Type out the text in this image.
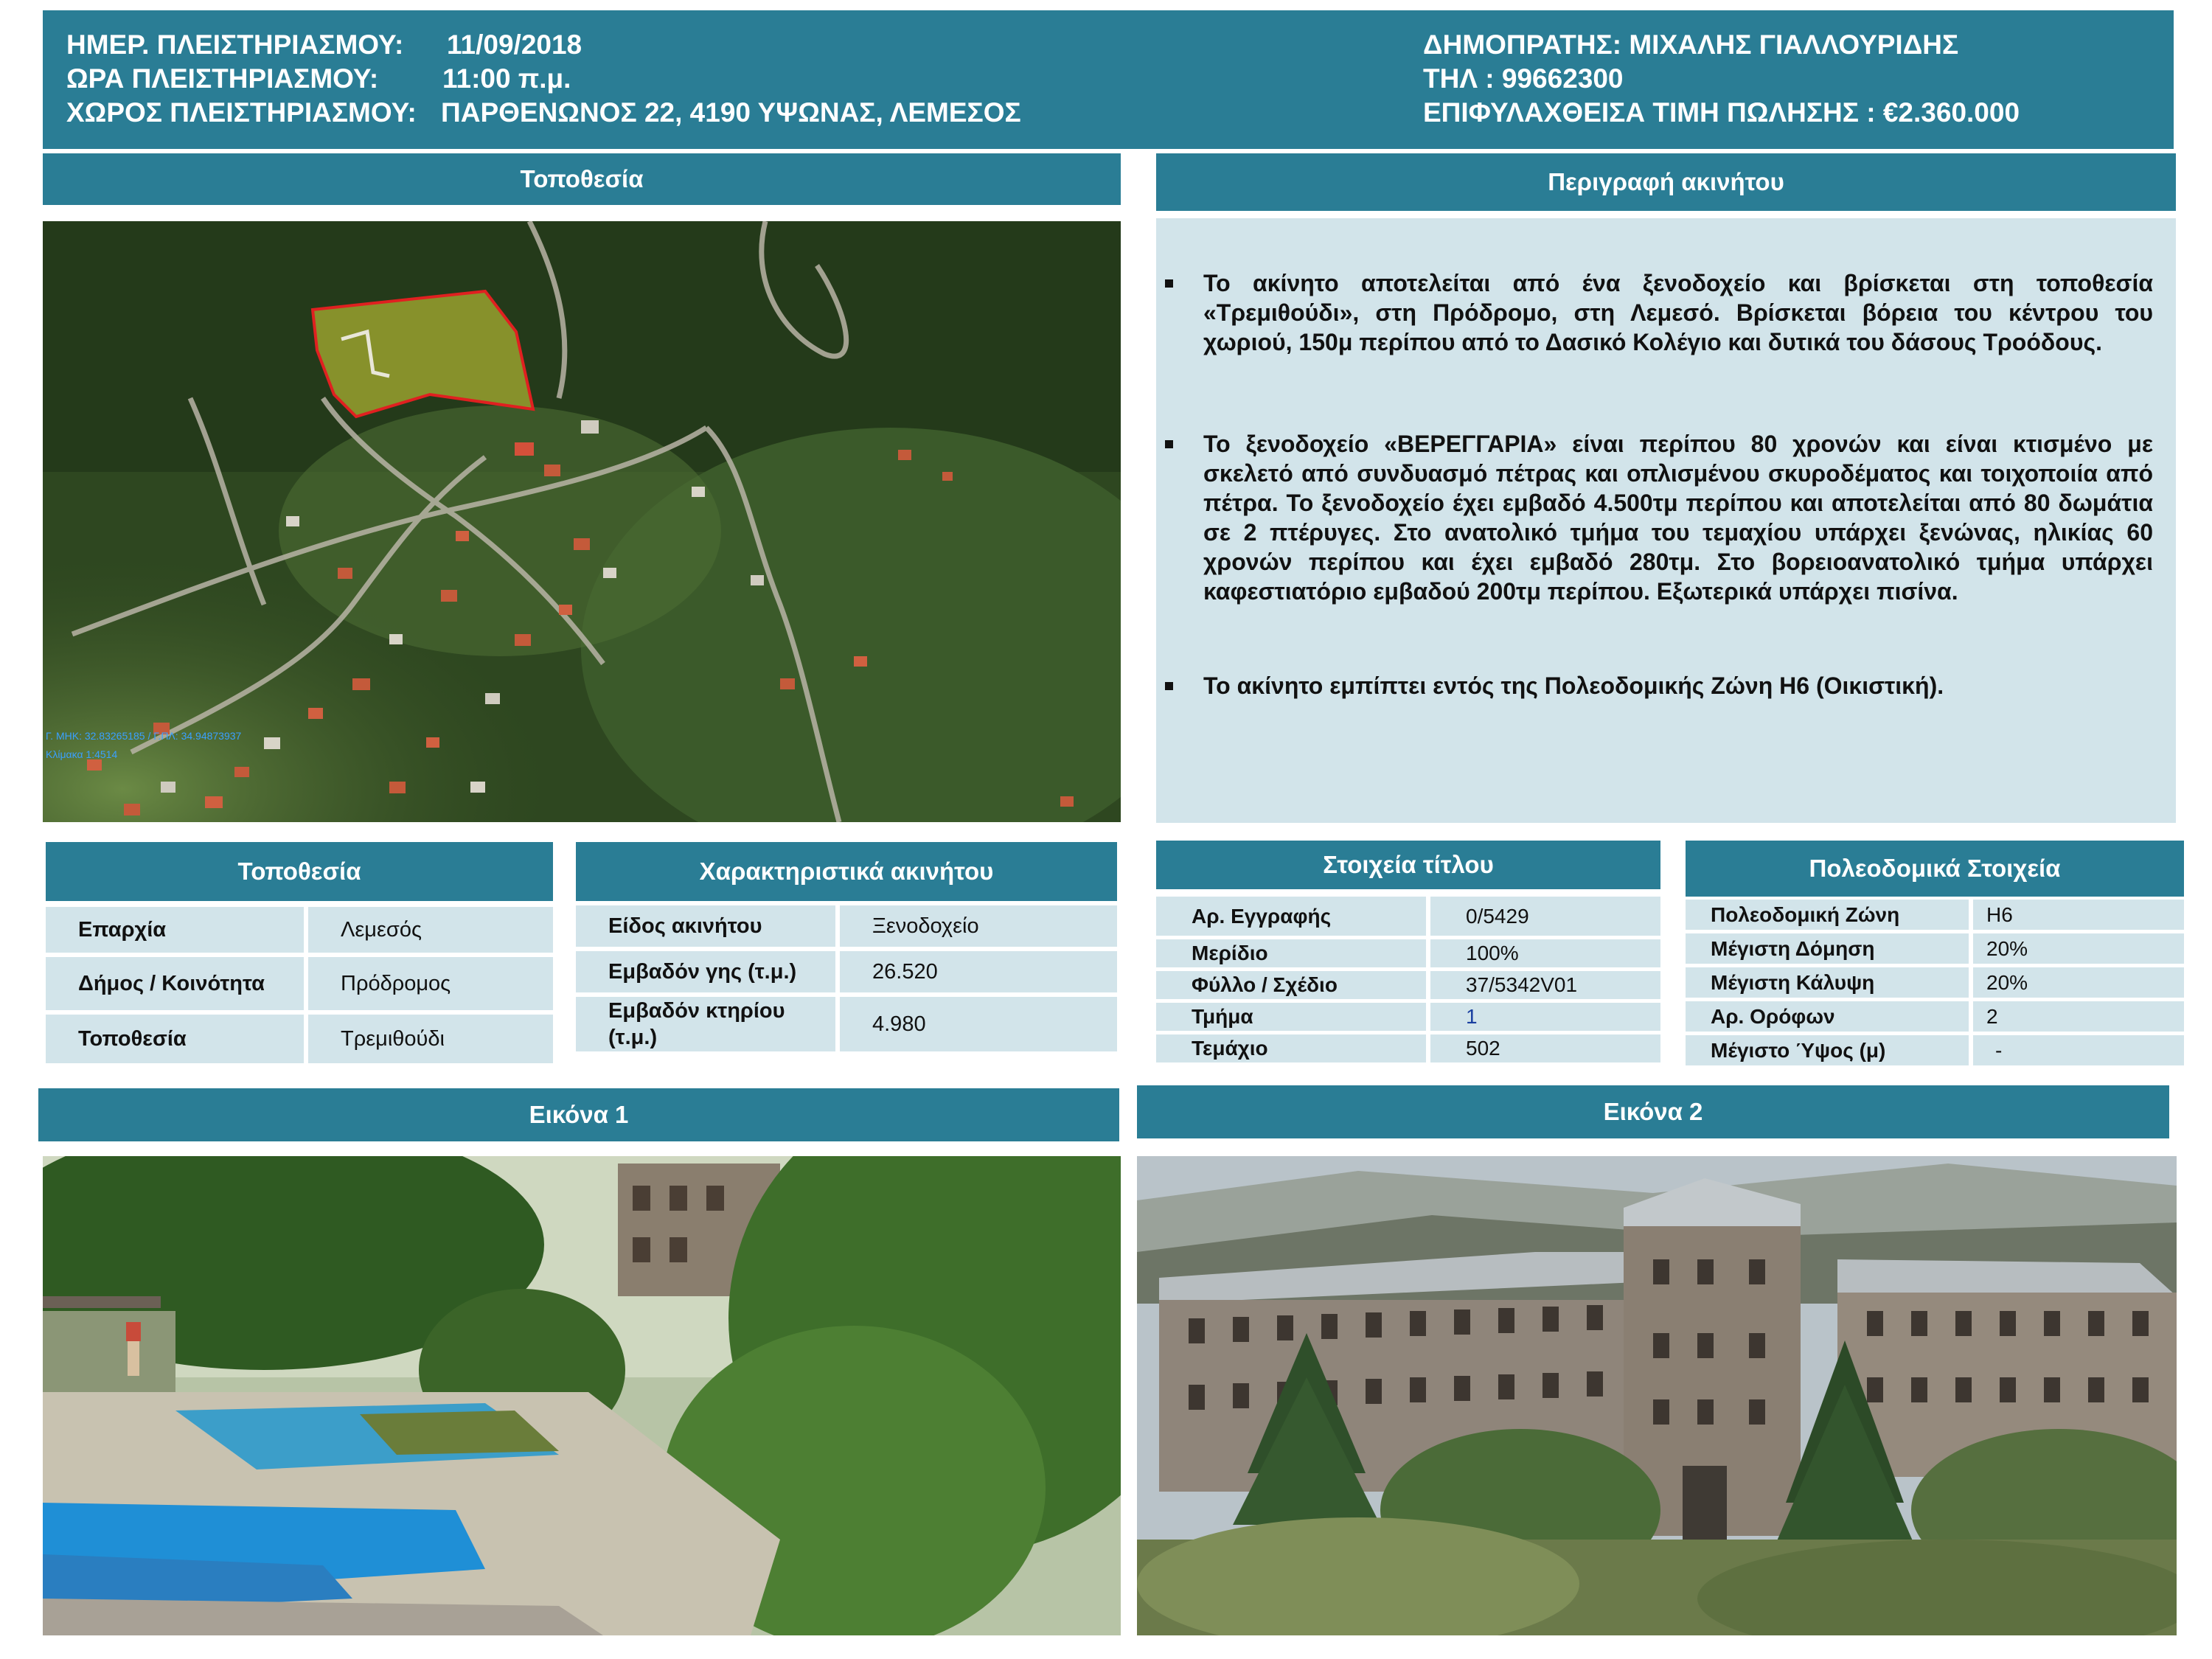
ΗΜΕΡ. ΠΛΕΙΣΤΗΡΙΑΣΜΟΥ: 11/09/2018
ΩΡΑ ΠΛΕΙΣΤΗΡΙΑΣΜΟΥ: 11:00 π.μ.
ΧΩΡΟΣ ΠΛΕΙΣΤΗΡΙΑΣΜΟΥ: ΠΑΡΘΕΝΩΝΟΣ 22, 4190 ΥΨΩΝΑΣ, ΛΕΜΕΣΟΣ
ΔΗΜΟΠΡΑΤΗΣ: ΜΙΧΑΛΗΣ ΓΙΑΛΛΟΥΡΙΔΗΣ
ΤΗΛ : 99662300
ΕΠΙΦΥΛΑΧΘΕΙΣΑ ΤΙΜΗ ΠΩΛΗΣΗΣ : €2.360.000
Τοποθεσία	Περιγραφή ακινήτου
Γ. ΜΗΚ: 32.83265185 / Γ.ΠΛ: 34.94873937
Κλίμακα 1:4514
Το ακίνητο αποτελείται από ένα ξενοδοχείο και βρίσκεται στη τοποθεσία «Τρεμιθούδι», στη Πρόδρομο, στη Λεμεσό. Βρίσκεται βόρεια του κέντρου του χωριού, 150μ περίπου από το Δασικό Κολέγιο και δυτικά του δάσους Τροόδους.
Το ξενοδοχείο «ΒΕΡΕΓΓΑΡΙΑ» είναι περίπου 80 χρονών και είναι κτισμένο με σκελετό από συνδυασμό πέτρας και οπλισμένου σκυροδέματος και τοιχοποιία από πέτρα. Το ξενοδοχείο έχει εμβαδό 4.500τμ περίπου και αποτελείται από 80 δωμάτια σε 2 πτέρυγες. Στο ανατολικό τμήμα του τεμαχίου υπάρχει ξενώνας, ηλικίας 60 χρονών περίπου και έχει εμβαδό 280τμ. Στο βορειοανατολικό τμήμα υπάρχει καφεστιατόριο εμβαδού 200τμ περίπου. Εξωτερικά υπάρχει πισίνα.
Το ακίνητο εμπίπτει εντός της Πολεοδομικής Ζώνη Η6 (Οικιστική).
Τοποθεσία	Χαρακτηριστικά ακινήτου	Στοιχεία τίτλου	Πολεοδομικά Στοιχεία
Επαρχία	Λεμεσός
Δήμος / Κοινότητα	Πρόδρομος
Τοποθεσία	Τρεμιθούδι
Είδος ακινήτου	Ξενοδοχείο
Εμβαδόν γης (τ.μ.)	26.520
Εμβαδόν κτηρίου (τ.μ.)	4.980
Αρ. Εγγραφής	0/5429
Μερίδιο	100%
Φύλλο / Σχέδιο	37/5342V01
Τμήμα	1
Τεμάχιο	502
Πολεοδομική Ζώνη	Η6
Μέγιστη Δόμηση	20%
Μέγιστη Κάλυψη	20%
Αρ. Ορόφων	2
Μέγιστο Ύψος (μ)	-
Εικόνα 1	Εικόνα 2
